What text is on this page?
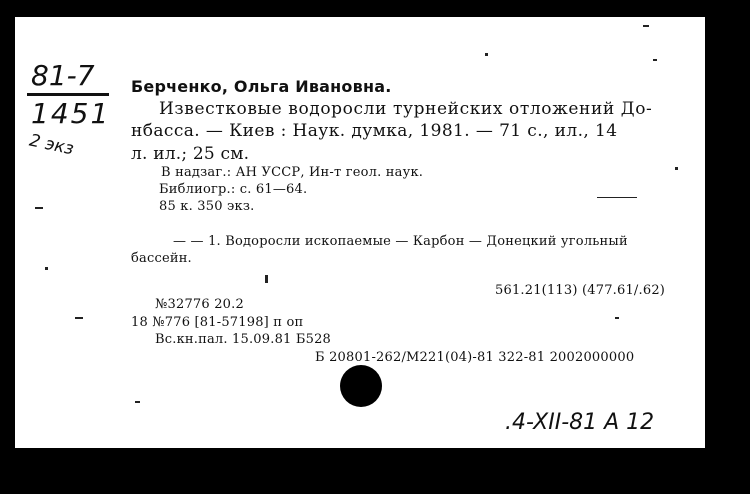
81-7
1451
2 экз
Берченко, Ольга Ивановна.
Известковые водоросли турнейских отложений До-
нбасса. — Киев : Наук. думка, 1981. — 71 с., ил., 14
л. ил.; 25 см.
В надзаг.: АН УССР, Ин-т геол. наук.
Библиогр.: с. 61—64.
85 к. 350 экз.
— — 1. Водоросли ископаемые — Карбон — Донецкий угольный
бассейн.
561.21(113) (477.61/.62)
№32776 20.2
18 №776 [81-57198] п оп
Вс.кн.пал. 15.09.81 Б528
Б 20801-262/М221(04)-81 322-81 2002000000
.4-XII-81 A 12
